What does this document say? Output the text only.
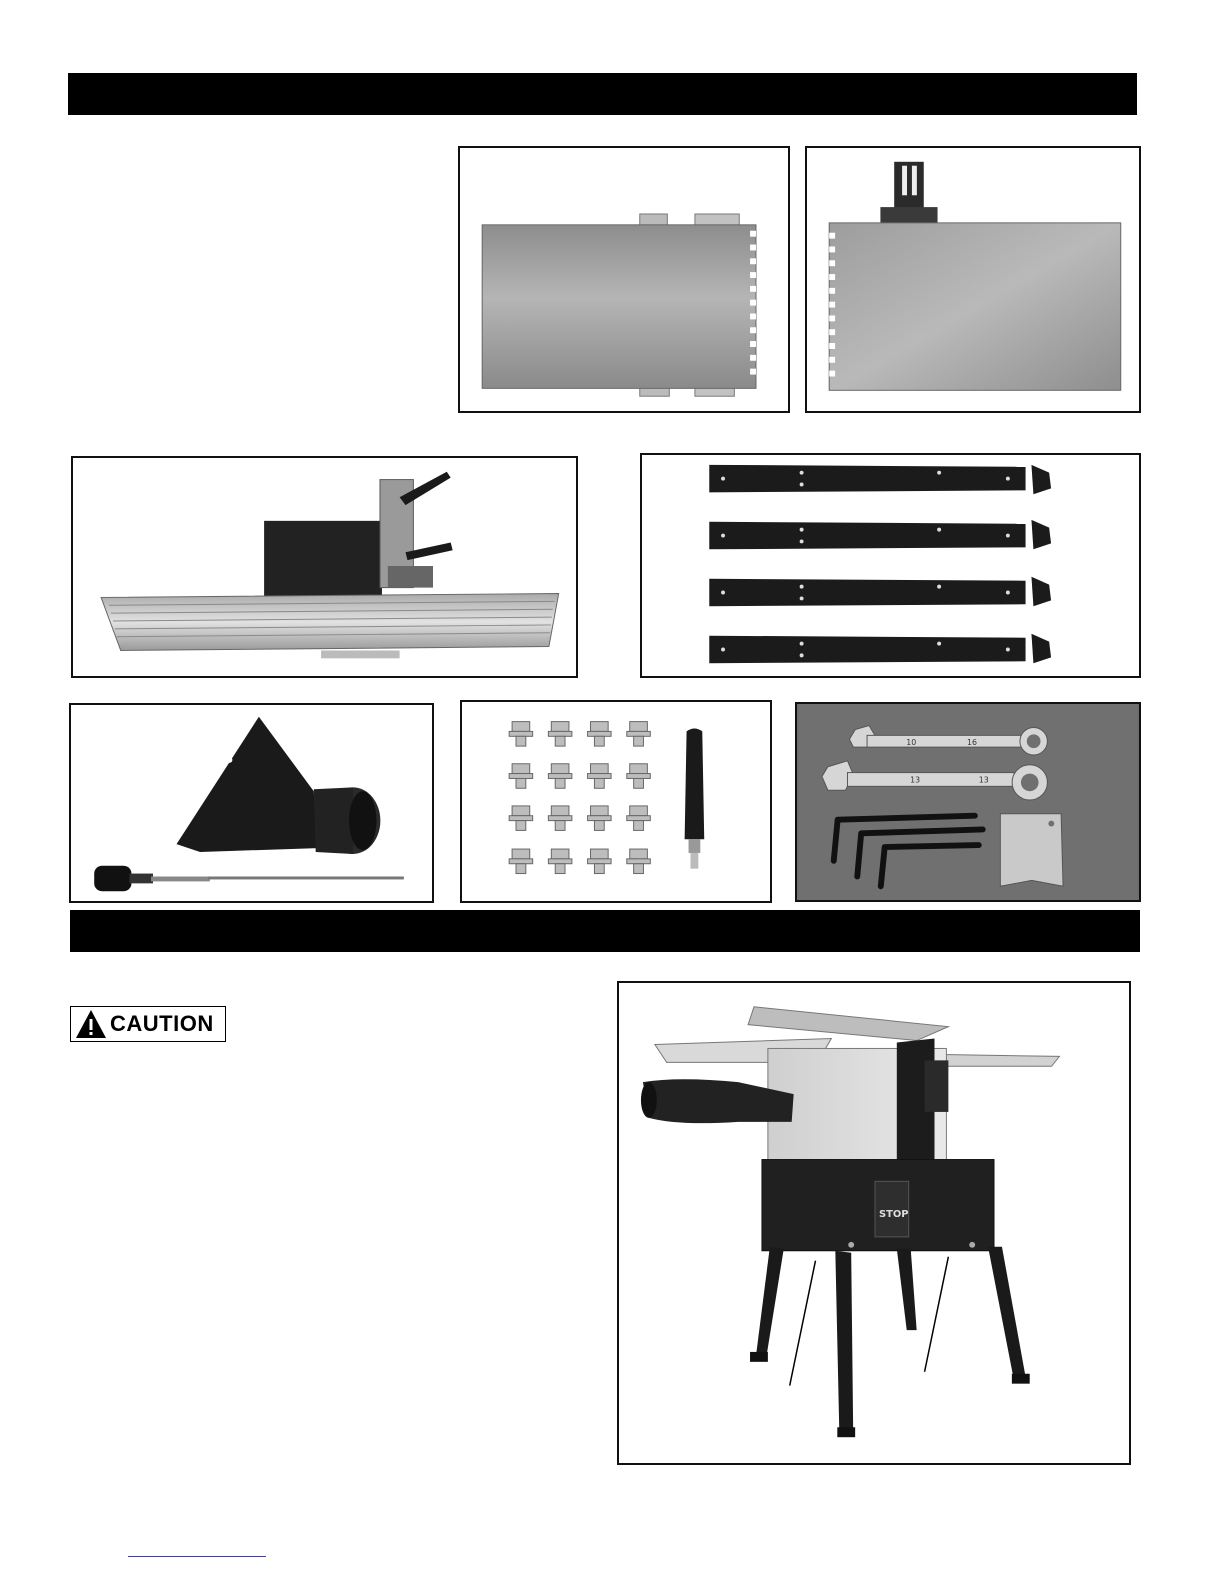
10	16
13	13
CAUTION
STOP
